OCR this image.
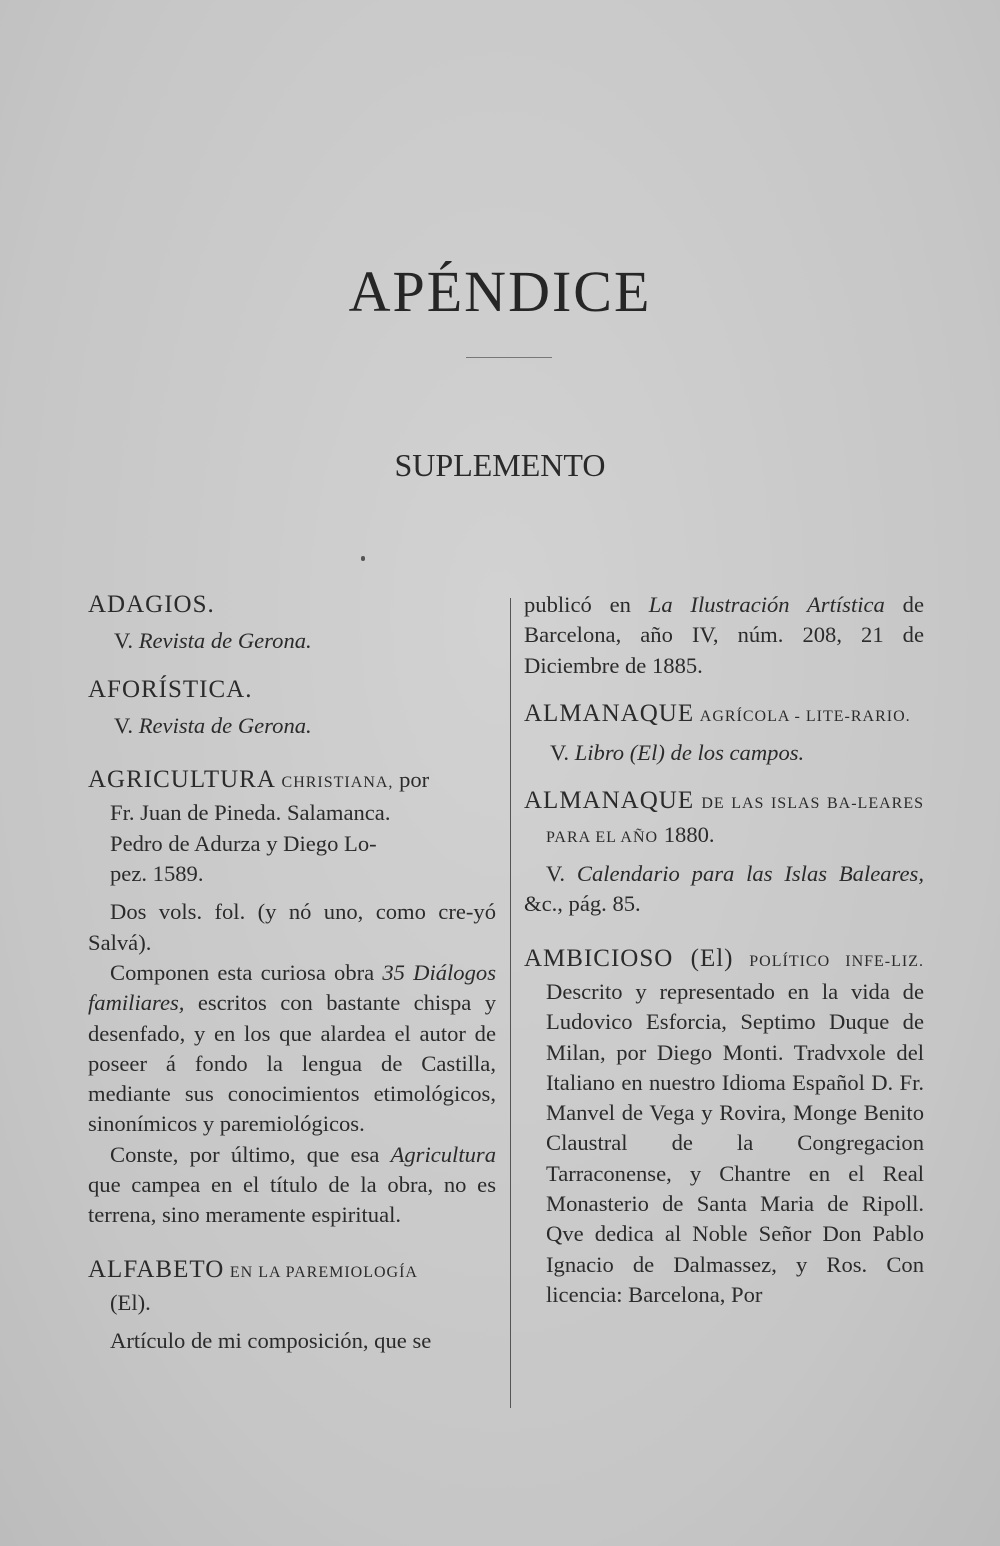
APÉNDICE
SUPLEMENTO

ADAGIOS.

V. Revista de Gerona.

AFORÍSTICA.

V. Revista de Gerona.

AGRICULTURA CHRISTIANA, por
Fr. Juan de Pineda. Salamanca.
Pedro de Adurza y Diego Lo-
pez. 1589.

Dos vols. fol. (y nó uno, como cre-yó Salvá).

Componen esta curiosa obra 35 Diálogos familiares, escritos con bastante chispa y desenfado, y en los que alardea el autor de poseer á fondo la lengua de Castilla, mediante sus conocimientos etimológicos, sinonímicos y paremiológicos.

Conste, por último, que esa Agricultura que campea en el título de la obra, no es terrena, sino meramente espiritual.

ALFABETO EN LA PAREMIOLOGÍA
(El).

Artículo de mi composición, que se

publicó en La Ilustración Artística de Barcelona, año IV, núm. 208, 21 de Diciembre de 1885.

ALMANAQUE AGRÍCOLA - LITE-RARIO.

V. Libro (El) de los campos.

ALMANAQUE DE LAS ISLAS BA-LEARES PARA EL AÑO 1880.

V. Calendario para las Islas Baleares, &c., pág. 85.

AMBICIOSO (El) POLÍTICO INFE-LIZ. Descrito y representado en la vida de Ludovico Esforcia, Septimo Duque de Milan, por Diego Monti. Tradvxole del Italiano en nuestro Idioma Español D. Fr. Manvel de Vega y Rovira, Monge Benito Claustral de la Congregacion Tarraconense, y Chantre en el Real Monasterio de Santa Maria de Ripoll. Qve dedica al Noble Señor Don Pablo Ignacio de Dalmassez, y Ros. Con licencia: Barcelona, Por
